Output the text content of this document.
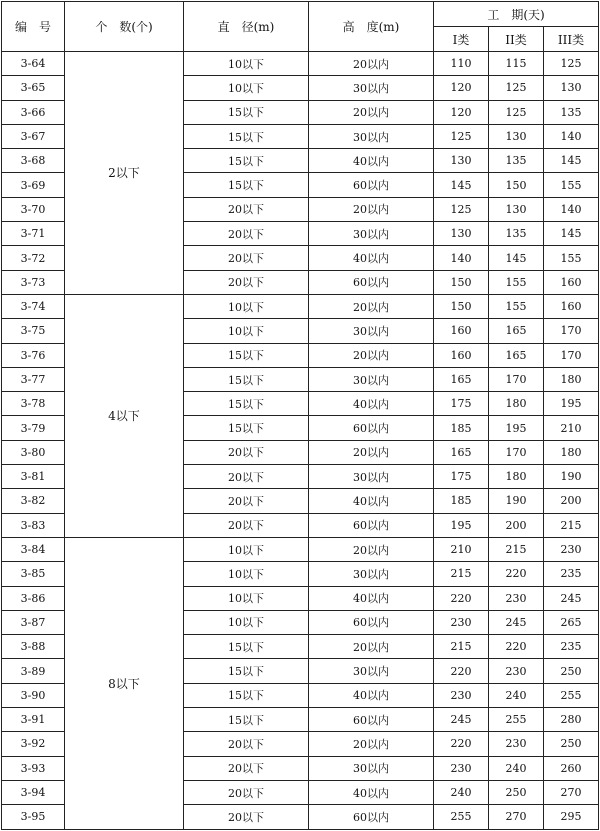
编　号	个　数(个)	直　径(m)	高　度(m)	工　期(天)		
				I类	II类	III类
3-64	2以下	10以下	20以内	110	115	125
3-65		10以下	30以内	120	125	130
3-66		15以下	20以内	120	125	135
3-67		15以下	30以内	125	130	140
3-68		15以下	40以内	130	135	145
3-69		15以下	60以内	145	150	155
3-70		20以下	20以内	125	130	140
3-71		20以下	30以内	130	135	145
3-72		20以下	40以内	140	145	155
3-73		20以下	60以内	150	155	160
3-74	4以下	10以下	20以内	150	155	160
3-75		10以下	30以内	160	165	170
3-76		15以下	20以内	160	165	170
3-77		15以下	30以内	165	170	180
3-78		15以下	40以内	175	180	195
3-79		15以下	60以内	185	195	210
3-80		20以下	20以内	165	170	180
3-81		20以下	30以内	175	180	190
3-82		20以下	40以内	185	190	200
3-83		20以下	60以内	195	200	215
3-84	8以下	10以下	20以内	210	215	230
3-85		10以下	30以内	215	220	235
3-86		10以下	40以内	220	230	245
3-87		10以下	60以内	230	245	265
3-88		15以下	20以内	215	220	235
3-89		15以下	30以内	220	230	250
3-90		15以下	40以内	230	240	255
3-91		15以下	60以内	245	255	280
3-92		20以下	20以内	220	230	250
3-93		20以下	30以内	230	240	260
3-94		20以下	40以内	240	250	270
3-95		20以下	60以内	255	270	295
